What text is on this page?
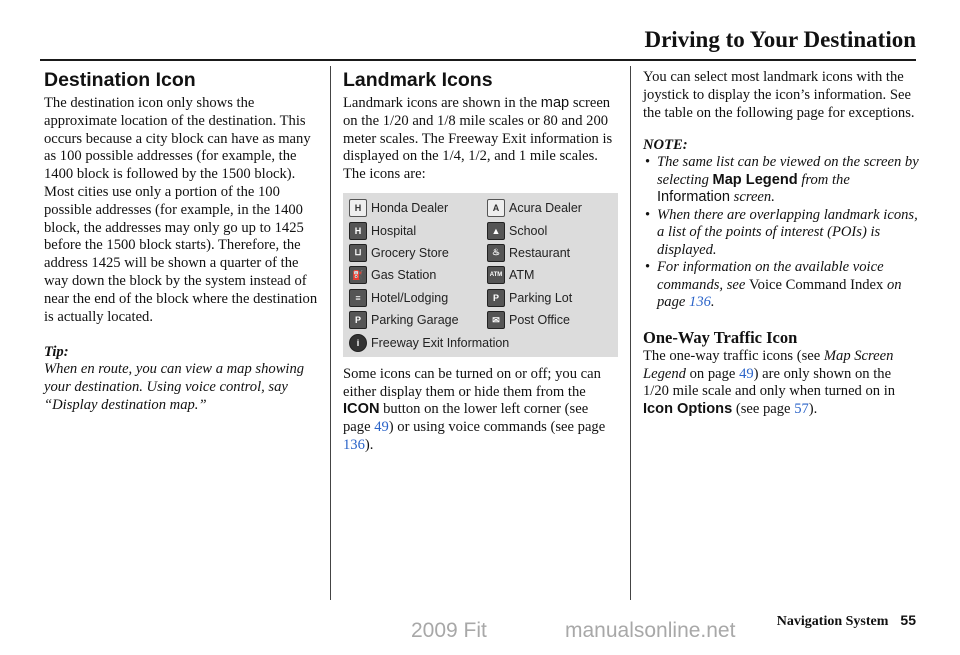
Driving to Your Destination
Destination Icon

The destination icon only shows the approximate location of the destination. This occurs because a city block can have as many as 100 possible addresses (for example, the 1400 block is followed by the 1500 block). Most cities use only a portion of the 100 possible addresses (for example, in the 1400 block, the addresses may only go up to 1425 before the 1500 block starts). Therefore, the address 1425 will be shown a quarter of the way down the block by the system instead of near the end of the block where the destination is actually located.

Tip:
When en route, you can view a map showing your destination. Using voice control, say “Display destination map.”
Landmark Icons

Landmark icons are shown in the map screen on the 1/20 and 1/8 mile scales or 80 and 200 meter scales. The Freeway Exit information is displayed on the 1/4, 1/2, and 1 mile scales. The icons are:

H Honda Dealer	A Acura Dealer
H Hospital	▲ School
⊔ Grocery Store	♨ Restaurant
⛽ Gas Station	ATM ATM
≡ Hotel/Lodging	P Parking Lot
P Parking Garage	✉ Post Office
i Freeway Exit Information

Some icons can be turned on or off; you can either display them or hide them from the ICON button on the lower left corner (see page 49) or using voice commands (see page 136).

You can select most landmark icons with the joystick to display the icon’s information. See the table on the following page for exceptions.

NOTE:
• The same list can be viewed on the screen by selecting Map Legend from the Information screen.
• When there are overlapping landmark icons, a list of the points of interest (POIs) is displayed.
• For information on the available voice commands, see Voice Command Index on page 136.
One-Way Traffic Icon

The one-way traffic icons (see Map Screen Legend on page 49) are only shown on the 1/20 mile scale and only when turned on in Icon Options (see page 57).

Navigation System 55
2009 Fit	manualsonline.net
